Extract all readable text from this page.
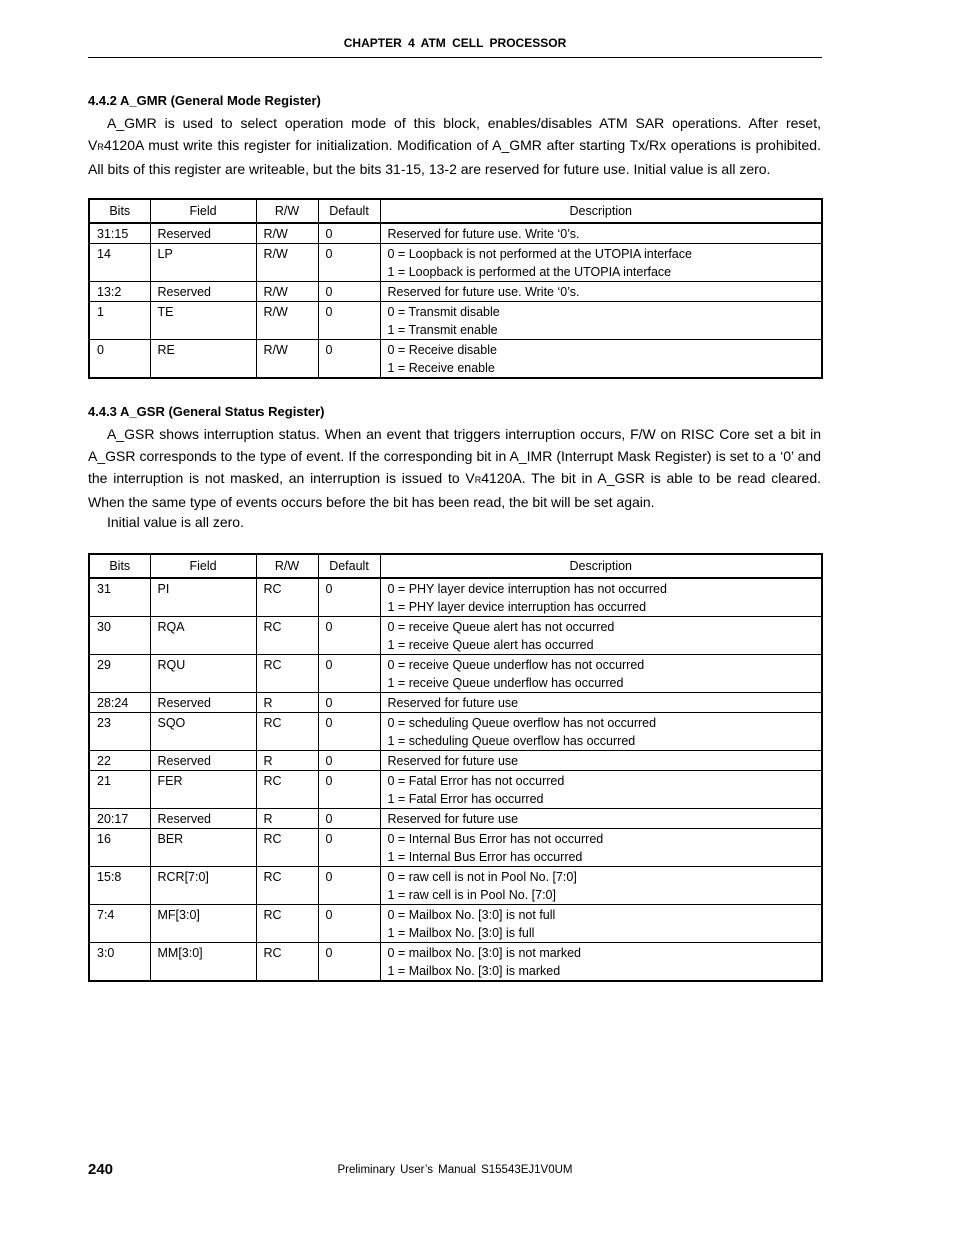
CHAPTER 4 ATM CELL PROCESSOR
4.4.2 A_GMR (General Mode Register)

A_GMR is used to select operation mode of this block, enables/disables ATM SAR operations. After reset, VR4120A must write this register for initialization. Modification of A_GMR after starting Tx/Rx operations is prohibited. All bits of this register are writeable, but the bits 31-15, 13-2 are reserved for future use. Initial value is all zero.

Bits	Field	R/W	Default	Description
31:15	Reserved	R/W	0	Reserved for future use. Write ‘0’s.

14	LP	R/W	0	0 = Loopback is not performed at the UTOPIA interface
1 = Loopback is performed at the UTOPIA interface

13:2	Reserved	R/W	0	Reserved for future use. Write ‘0’s.

1	TE	R/W	0	0 = Transmit disable
1 = Transmit enable

0	RE	R/W	0	0 = Receive disable
1 = Receive enable
4.4.3 A_GSR (General Status Register)

A_GSR shows interruption status. When an event that triggers interruption occurs, F/W on RISC Core set a bit in A_GSR corresponds to the type of event. If the corresponding bit in A_IMR (Interrupt Mask Register) is set to a ‘0’ and the interruption is not masked, an interruption is issued to VR4120A. The bit in A_GSR is able to be read cleared. When the same type of events occurs before the bit has been read, the bit will be set again.

Initial value is all zero.

Bits	Field	R/W	Default	Description
31	PI	RC	0	0 = PHY layer device interruption has not occurred
1 = PHY layer device interruption has occurred

30	RQA	RC	0	0 = receive Queue alert has not occurred
1 = receive Queue alert has occurred

29	RQU	RC	0	0 = receive Queue underflow has not occurred
1 = receive Queue underflow has occurred

28:24	Reserved	R	0	Reserved for future use

23	SQO	RC	0	0 = scheduling Queue overflow has not occurred
1 = scheduling Queue overflow has occurred

22	Reserved	R	0	Reserved for future use

21	FER	RC	0	0 = Fatal Error has not occurred
1 = Fatal Error has occurred

20:17	Reserved	R	0	Reserved for future use

16	BER	RC	0	0 = Internal Bus Error has not occurred
1 = Internal Bus Error has occurred

15:8	RCR[7:0]	RC	0	0 = raw cell is not in Pool No. [7:0]
1 = raw cell is in Pool No. [7:0]

7:4	MF[3:0]	RC	0	0 = Mailbox No. [3:0] is not full
1 = Mailbox No. [3:0] is full

3:0	MM[3:0]	RC	0	0 = mailbox No. [3:0] is not marked
1 = Mailbox No. [3:0] is marked
240	Preliminary User’s Manual S15543EJ1V0UM
